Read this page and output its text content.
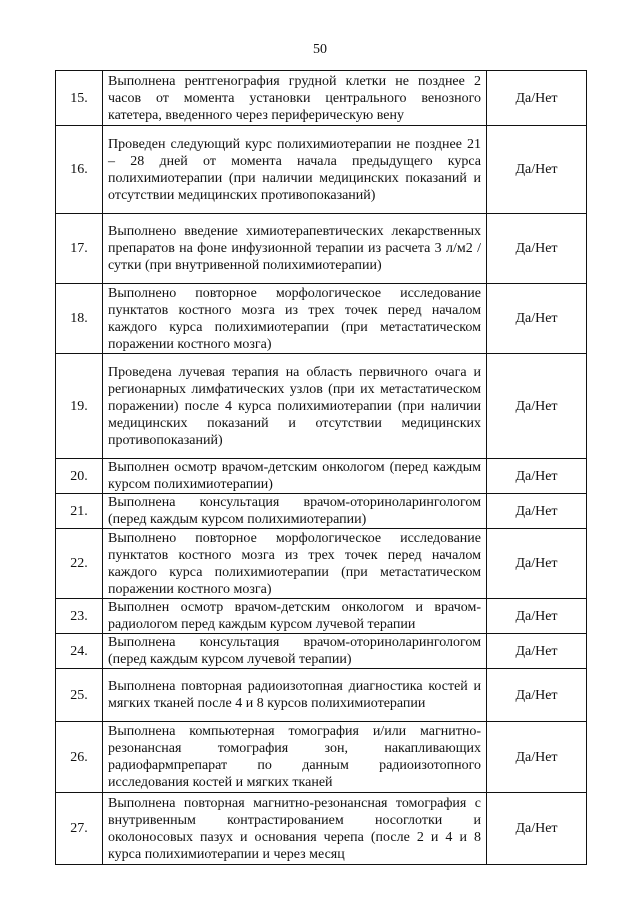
50
15.	Выполнена рентгенография грудной клетки не позднее 2 часов от момента установки центрального венозного катетера, введенного через периферическую вену	Да/Нет
16.	Проведен следующий курс полихимиотерапии не позднее 21 – 28 дней от момента начала предыдущего курса полихимиотерапии (при наличии медицинских показаний и отсутствии медицинских противопоказаний)	Да/Нет
17.	Выполнено введение химиотерапевтических лекарственных препаратов на фоне инфузионной терапии из расчета 3 л/м2 /сутки (при внутривенной полихимиотерапии)	Да/Нет
18.	Выполнено повторное морфологическое исследование пунктатов костного мозга из трех точек перед началом каждого курса полихимиотерапии (при метастатическом поражении костного мозга)	Да/Нет
19.	Проведена лучевая терапия на область первичного очага и регионарных лимфатических узлов (при их метастатическом поражении) после 4 курса полихимиотерапии (при наличии медицинских показаний и отсутствии медицинских противопоказаний)	Да/Нет
20.	Выполнен осмотр врачом-детским онкологом (перед каждым курсом полихимиотерапии)	Да/Нет
21.	Выполнена консультация врачом-оториноларингологом (перед каждым курсом полихимиотерапии)	Да/Нет
22.	Выполнено повторное морфологическое исследование пунктатов костного мозга из трех точек перед началом каждого курса полихимиотерапии (при метастатическом поражении костного мозга)	Да/Нет
23.	Выполнен осмотр врачом-детским онкологом и врачом-радиологом перед каждым курсом лучевой терапии	Да/Нет
24.	Выполнена консультация врачом-оториноларингологом (перед каждым курсом лучевой терапии)	Да/Нет
25.	Выполнена повторная радиоизотопная диагностика костей и мягких тканей после 4 и 8 курсов полихимиотерапии	Да/Нет
26.	Выполнена компьютерная томография и/или магнитно-резонансная томография зон, накапливающих радиофармпрепарат по данным радиоизотопного исследования костей и мягких тканей	Да/Нет
27.	Выполнена повторная магнитно-резонансная томография с внутривенным контрастированием носоглотки и околоносовых пазух и основания черепа (после 2 и 4 и 8 курса полихимиотерапии и через месяц	Да/Нет
